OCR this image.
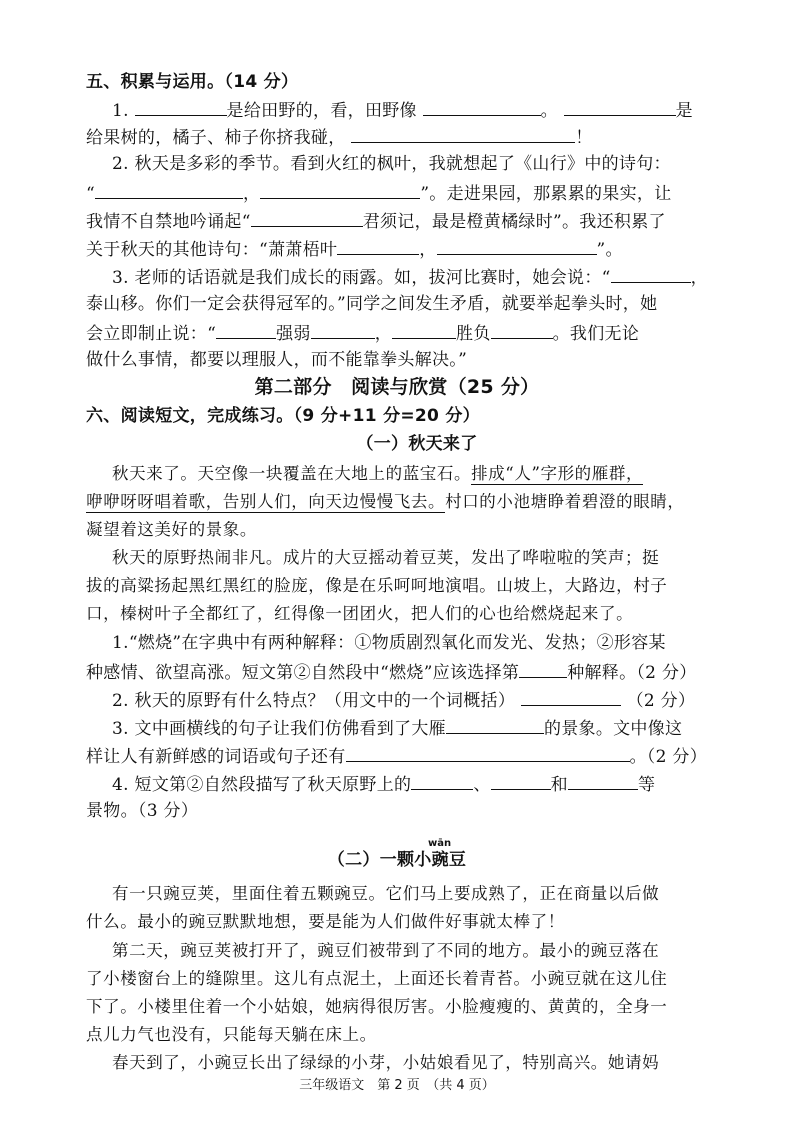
五、积累与运用。（14 分）
1.	是给田野的，看，田野像	。	是
给果树的，橘子、柿子你挤我碰，	！
2. 秋天是多彩的季节。看到火红的枫叶，我就想起了《山行》中的诗句：
“	，	”。走进果园，那累累的果实，让
我情不自禁地吟诵起“	君须记，最是橙黄橘绿时”。我还积累了
关于秋天的其他诗句：“萧萧梧叶	，	”。
3. 老师的话语就是我们成长的雨露。如，拔河比赛时，她会说：“	，
泰山移。你们一定会获得冠军的。”同学之间发生矛盾，就要举起拳头时，她
会立即制止说：“	强弱	，	胜负	。我们无论
做什么事情，都要以理服人，而不能靠拳头解决。”
第二部分　阅读与欣赏（25 分）
六、阅读短文，完成练习。（9 分+11 分=20 分）
（一）秋天来了
秋天来了。天空像一块覆盖在大地上的蓝宝石。排成“人”字形的雁群，
咿咿呀呀唱着歌，告别人们，向天边慢慢飞去。村口的小池塘睁着碧澄的眼睛，
凝望着这美好的景象。
秋天的原野热闹非凡。成片的大豆摇动着豆荚，发出了哗啦啦的笑声；挺
拔的高粱扬起黑红黑红的脸庞，像是在乐呵呵地演唱。山坡上，大路边，村子
口，榛树叶子全都红了，红得像一团团火，把人们的心也给燃烧起来了。
1.“燃烧”在字典中有两种解释：①物质剧烈氧化而发光、发热；②形容某
种感情、欲望高涨。短文第②自然段中“燃烧”应该选择第	种解释。（2 分）
2. 秋天的原野有什么特点？（用文中的一个词概括）	（2 分）
3. 文中画横线的句子让我们仿佛看到了大雁	的景象。文中像这
样让人有新鲜感的词语或句子还有	。（2 分）
4. 短文第②自然段描写了秋天原野上的	、	和	等
景物。（3 分）
wān
（二）一颗小豌豆
有一只豌豆荚，里面住着五颗豌豆。它们马上要成熟了，正在商量以后做
什么。最小的豌豆默默地想，要是能为人们做件好事就太棒了！
第二天，豌豆荚被打开了，豌豆们被带到了不同的地方。最小的豌豆落在
了小楼窗台上的缝隙里。这儿有点泥土，上面还长着青苔。小豌豆就在这儿住
下了。小楼里住着一个小姑娘，她病得很厉害。小脸瘦瘦的、黄黄的，全身一
点儿力气也没有，只能每天躺在床上。
春天到了，小豌豆长出了绿绿的小芽，小姑娘看见了，特别高兴。她请妈
三年级语文　第 2 页　（共 4 页）
